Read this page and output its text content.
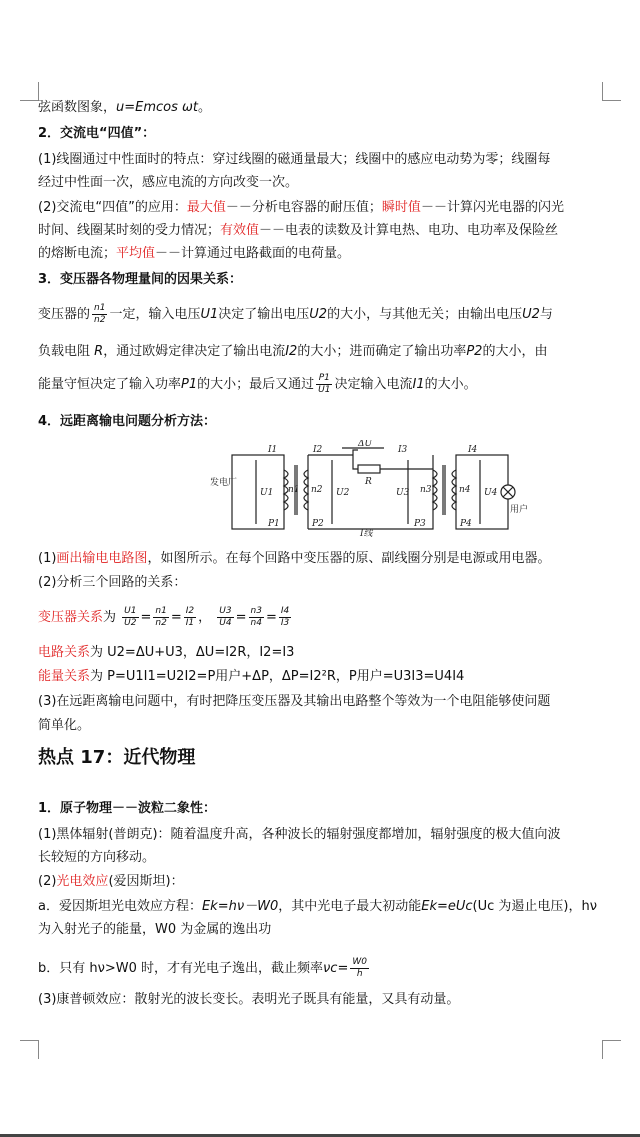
弦函数图象，u=Emcos ωt。
2．交流电“四值”：
(1)线圈通过中性面时的特点：穿过线圈的磁通量最大；线圈中的感应电动势为零；线圈每
经过中性面一次，感应电流的方向改变一次。
(2)交流电“四值”的应用：最大值－－分析电容器的耐压值；瞬时值－－计算闪光电器的闪光
时间、线圈某时刻的受力情况；有效值－－电表的读数及计算电热、电功、电功率及保险丝
的熔断电流；平均值－－计算通过电路截面的电荷量。
3．变压器各物理量间的因果关系：
变压器的 $\frac{n1}{n2}$ 一定，输入电压U1决定了输出电压U2的大小，与其他无关；由输出电压U2与
负载电阻 R，通过欧姆定律决定了输出电流I2的大小；进而确定了输出功率P2的大小，由
能量守恒决定了输入功率P1的大小；最后又通过 $\frac{P1}{U1}$ 决定输入电流I1的大小。
4．远距离输电问题分析方法：
发电厂
I1	I2
ΔU
R
I3	I4
I线
U1	U2	U3	U4
n1 n2	n3	n4
P1	P2	P3	P4
用户
(1)画出输电电路图，如图所示。在每个回路中变压器的原、副线圈分别是电源或用电器。
(2)分析三个回路的关系：
变压器关系为 $\frac{U1}{U2} = \frac{n1}{n2} = \frac{I2}{I1}$ ， $\frac{U3}{U4} = \frac{n3}{n4} = \frac{I4}{I3}$
电路关系为 U2=ΔU+U3，ΔU=I2R，I2=I3
能量关系为 P=U1I1=U2I2=P用户+ΔP，ΔP=I2²R，P用户=U3I3=U4I4
(3)在远距离输电问题中，有时把降压变压器及其输出电路整个等效为一个电阻能够使问题
简单化。
热点 17：近代物理
1．原子物理－－波粒二象性：
(1)黑体辐射(普朗克)：随着温度升高，各种波长的辐射强度都增加，辐射强度的极大值向波
长较短的方向移动。
(2)光电效应(爱因斯坦)：
a．爱因斯坦光电效应方程：Ek=hν－W0，其中光电子最大初动能Ek=eUc(Uc 为遏止电压)，hν
为入射光子的能量，W0 为金属的逸出功
b．只有 hν>W0 时，才有光电子逸出，截止频率$\nu c= \frac{W0}{h}$
(3)康普顿效应：散射光的波长变长。表明光子既具有能量，又具有动量。
